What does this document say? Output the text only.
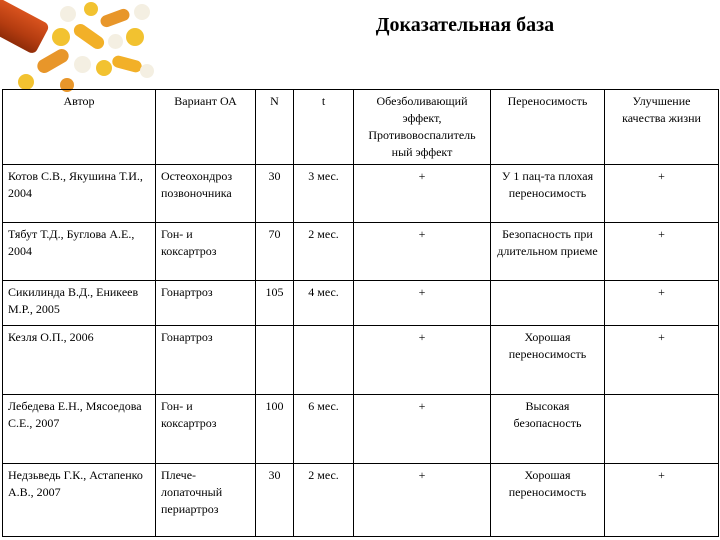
Доказательная база
Автор	Вариант ОА	N	t	Обезболивающий эффект, Противовоспалитель ный эффект	Переносимость	Улучшение качества жизни
Котов С.В., Якушина Т.И., 2004	Остеохондроз позвоночника	30	3 мес.	+	У 1 пац-та плохая переносимость	+
Тябут Т.Д., Буглова А.Е., 2004	Гон- и коксартроз	70	2 мес.	+	Безопасность при длительном приеме	+
Сикилинда В.Д., Еникеев М.Р., 2005	Гонартроз	105	4 мес.	+		+
Кезля О.П., 2006	Гонартроз			+	Хорошая переносимость	+
Лебедева Е.Н., Мясоедова С.Е., 2007	Гон- и коксартроз	100	6 мес.	+	Высокая безопасность	
Недзьведь Г.К., Астапенко А.В., 2007	Плече-лопаточный периартроз	30	2 мес.	+	Хорошая переносимость	+
